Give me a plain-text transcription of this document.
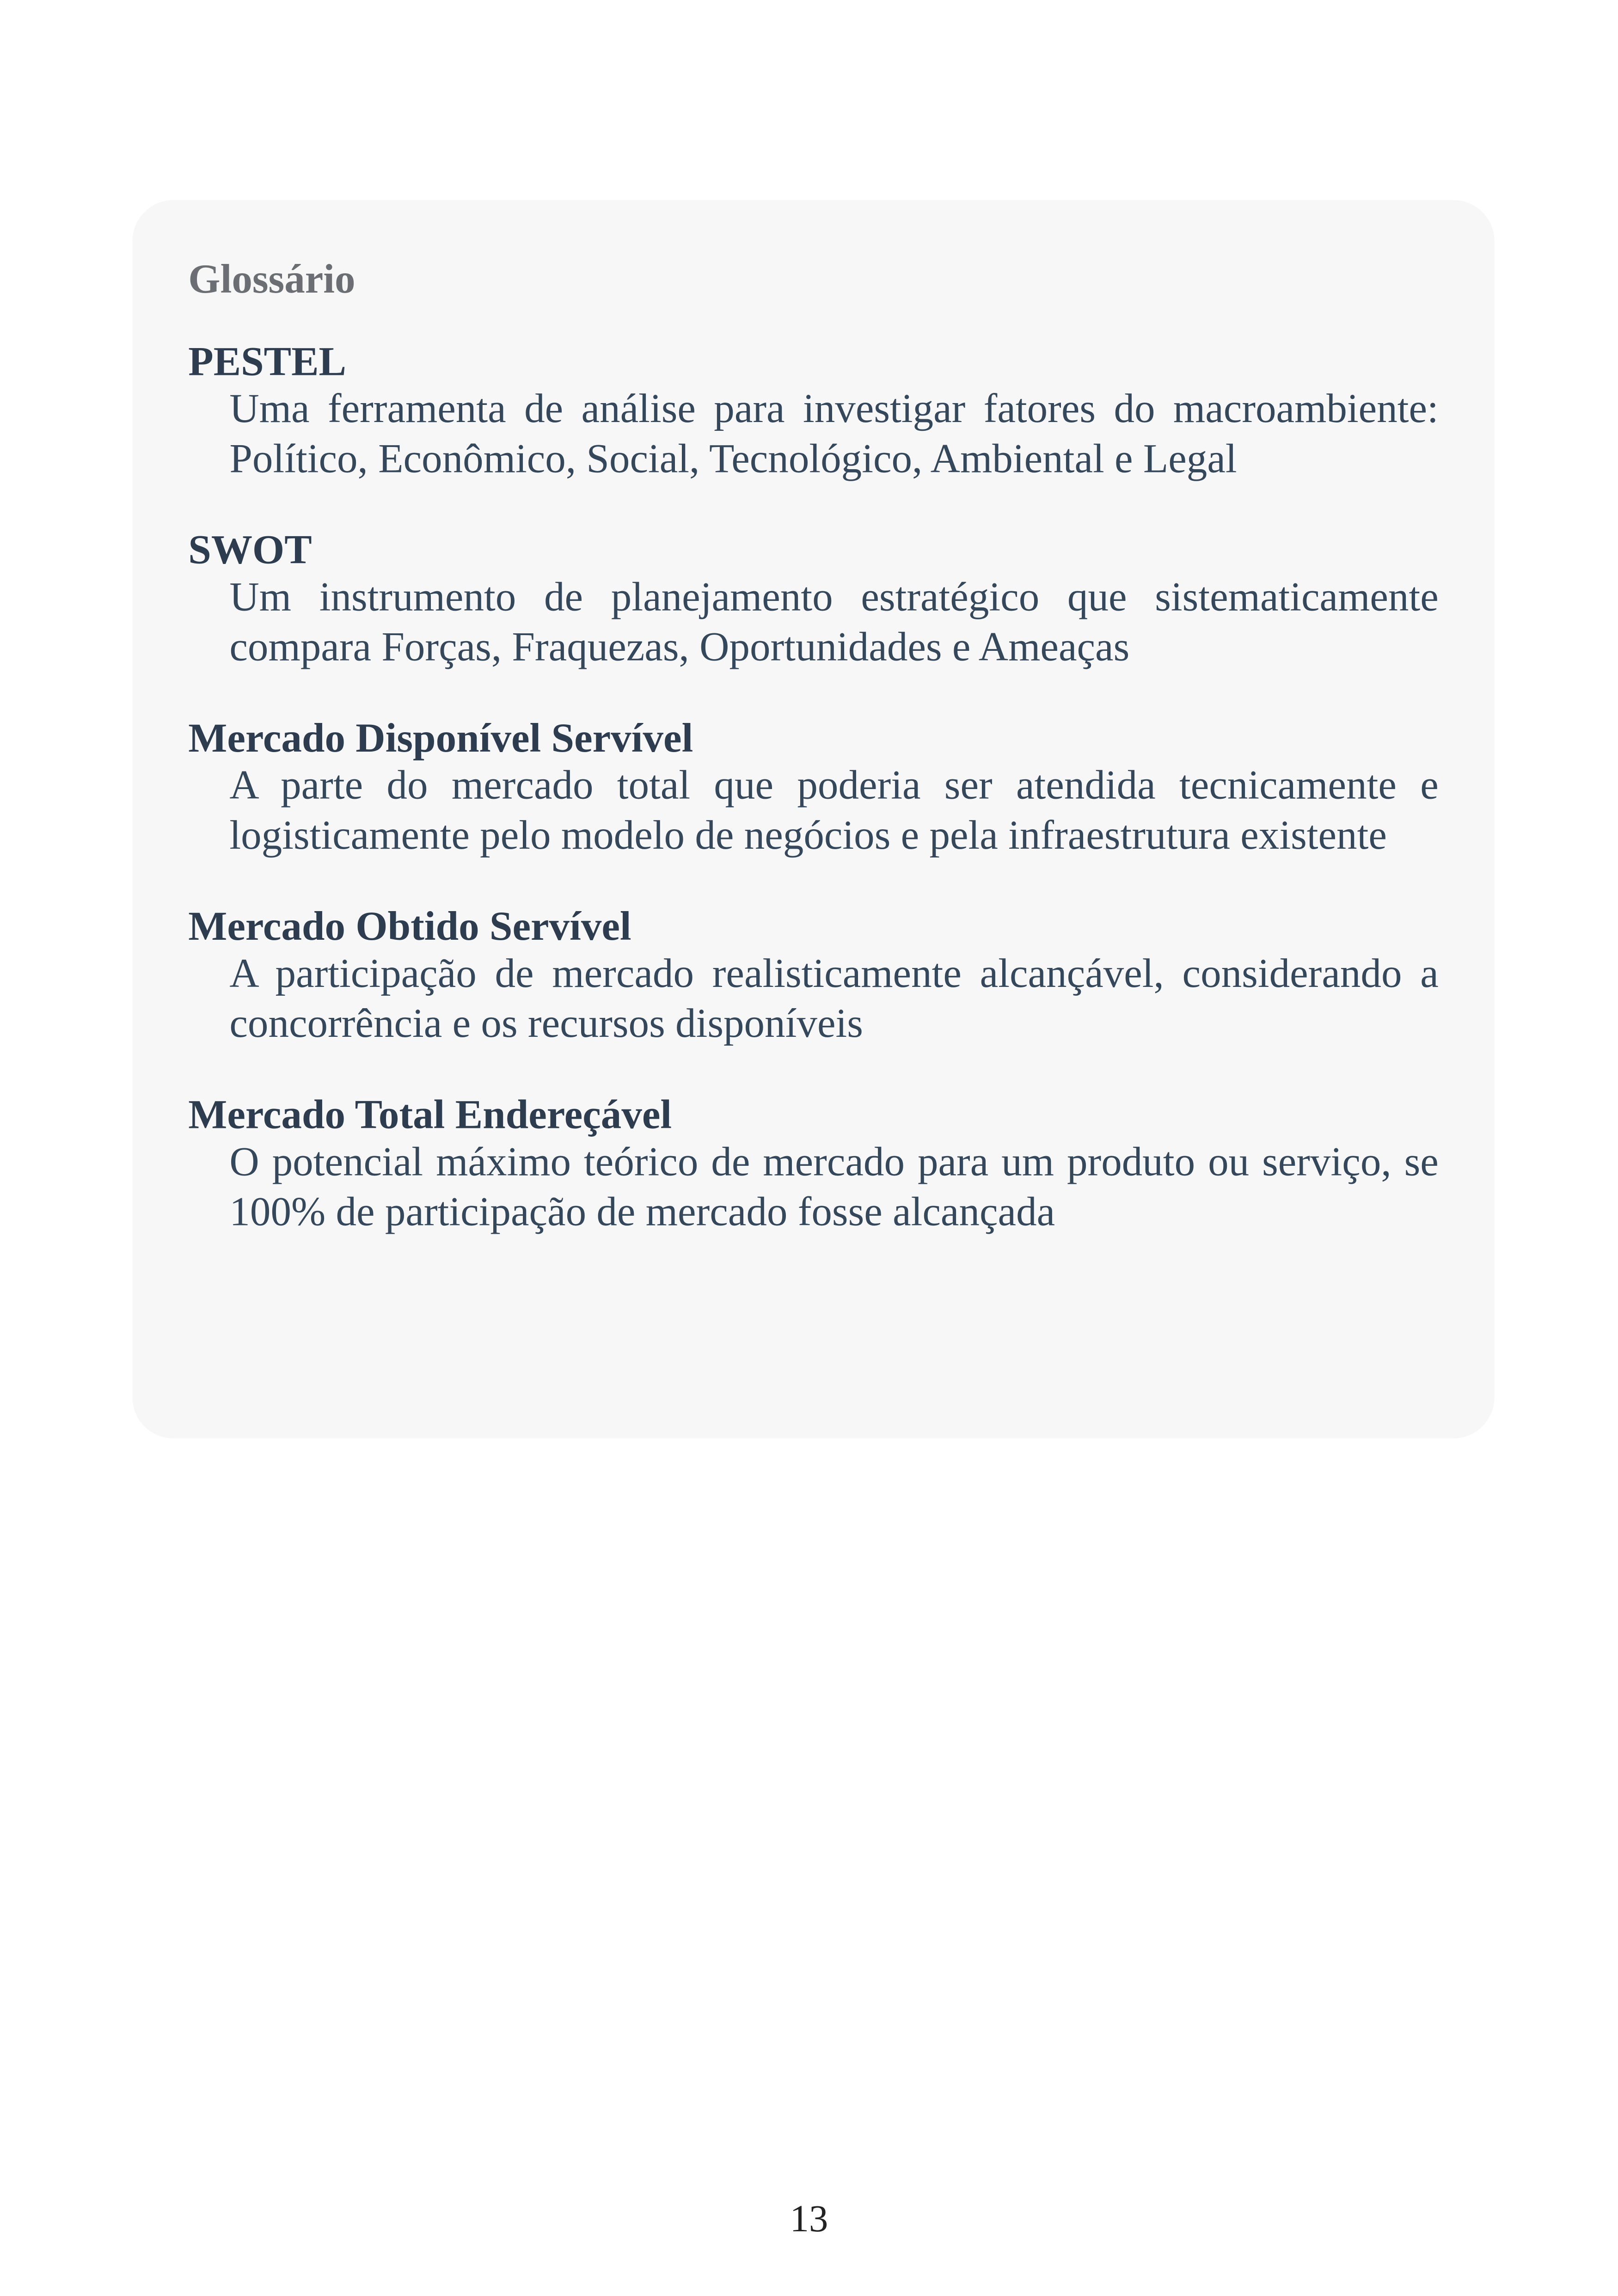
Glossário
PESTEL
Uma ferramenta de análise para investigar fatores do macroambiente: Político, Econômico, Social, Tecnológico, Ambiental e Legal
SWOT
Um instrumento de planejamento estratégico que sistematicamente compara Forças, Fraquezas, Oportunidades e Ameaças
Mercado Disponível Servível
A parte do mercado total que poderia ser atendida tecnicamente e logisticamente pelo modelo de negócios e pela infraestrutura existente
Mercado Obtido Servível
A participação de mercado realisticamente alcançável, considerando a concorrência e os recursos disponíveis
Mercado Total Endereçável
O potencial máximo teórico de mercado para um produto ou serviço, se 100% de participação de mercado fosse alcançada
13
